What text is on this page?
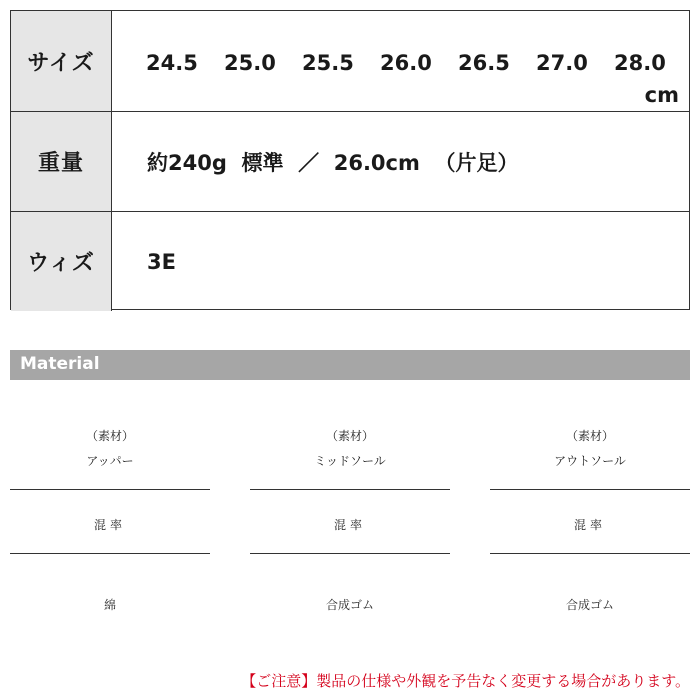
サイズ	24.5 25.0 25.5 26.0 26.5 27.0 28.0
cm
重量	約240g  標準  ／  26.0cm  （片足）
ウィズ	3E
Material
（素材）
アッパー
混率
綿
（素材）
ミッドソール
混率
合成ゴム
（素材）
アウトソール
混率
合成ゴム
【ご注意】製品の仕様や外観を予告なく変更する場合があります。
